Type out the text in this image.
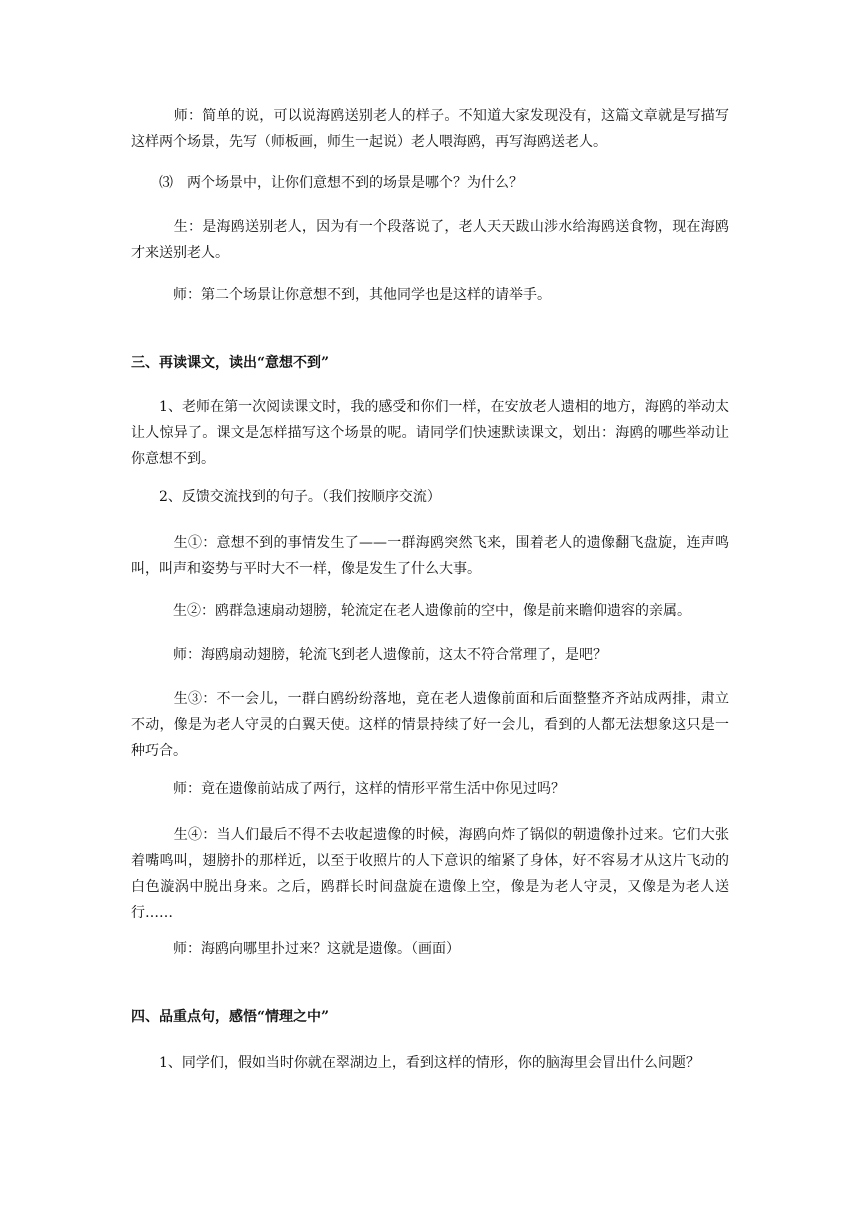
　　　师：简单的说，可以说海鸥送别老人的样子。不知道大家发现没有，这篇文章就是写描写这样两个场景，先写（师板画，师生一起说）老人喂海鸥，再写海鸥送老人。

　　⑶　两个场景中，让你们意想不到的场景是哪个？为什么？

　　　生：是海鸥送别老人，因为有一个段落说了，老人天天跋山涉水给海鸥送食物，现在海鸥才来送别老人。

　　　师：第二个场景让你意想不到，其他同学也是这样的请举手。

三、再读课文，读出“意想不到”

　　1、老师在第一次阅读课文时，我的感受和你们一样，在安放老人遗相的地方，海鸥的举动太让人惊异了。课文是怎样描写这个场景的呢。请同学们快速默读课文，划出：海鸥的哪些举动让你意想不到。

　　2、反馈交流找到的句子。（我们按顺序交流）

　　　生①：意想不到的事情发生了——一群海鸥突然飞来，围着老人的遗像翻飞盘旋，连声鸣叫，叫声和姿势与平时大不一样，像是发生了什么大事。

　　　生②：鸥群急速扇动翅膀，轮流定在老人遗像前的空中，像是前来瞻仰遗容的亲属。

　　　师：海鸥扇动翅膀，轮流飞到老人遗像前，这太不符合常理了，是吧？

　　　生③：不一会儿，一群白鸥纷纷落地，竟在老人遗像前面和后面整整齐齐站成两排，肃立不动，像是为老人守灵的白翼天使。这样的情景持续了好一会儿，看到的人都无法想象这只是一种巧合。

　　　师：竟在遗像前站成了两行，这样的情形平常生活中你见过吗？

　　　生④：当人们最后不得不去收起遗像的时候，海鸥向炸了锅似的朝遗像扑过来。它们大张着嘴鸣叫，翅膀扑的那样近，以至于收照片的人下意识的缩紧了身体，好不容易才从这片飞动的白色漩涡中脱出身来。之后，鸥群长时间盘旋在遗像上空，像是为老人守灵，又像是为老人送行……

　　　师：海鸥向哪里扑过来？这就是遗像。（画面）

四、品重点句，感悟“情理之中”

　　1、同学们，假如当时你就在翠湖边上，看到这样的情形，你的脑海里会冒出什么问题？
